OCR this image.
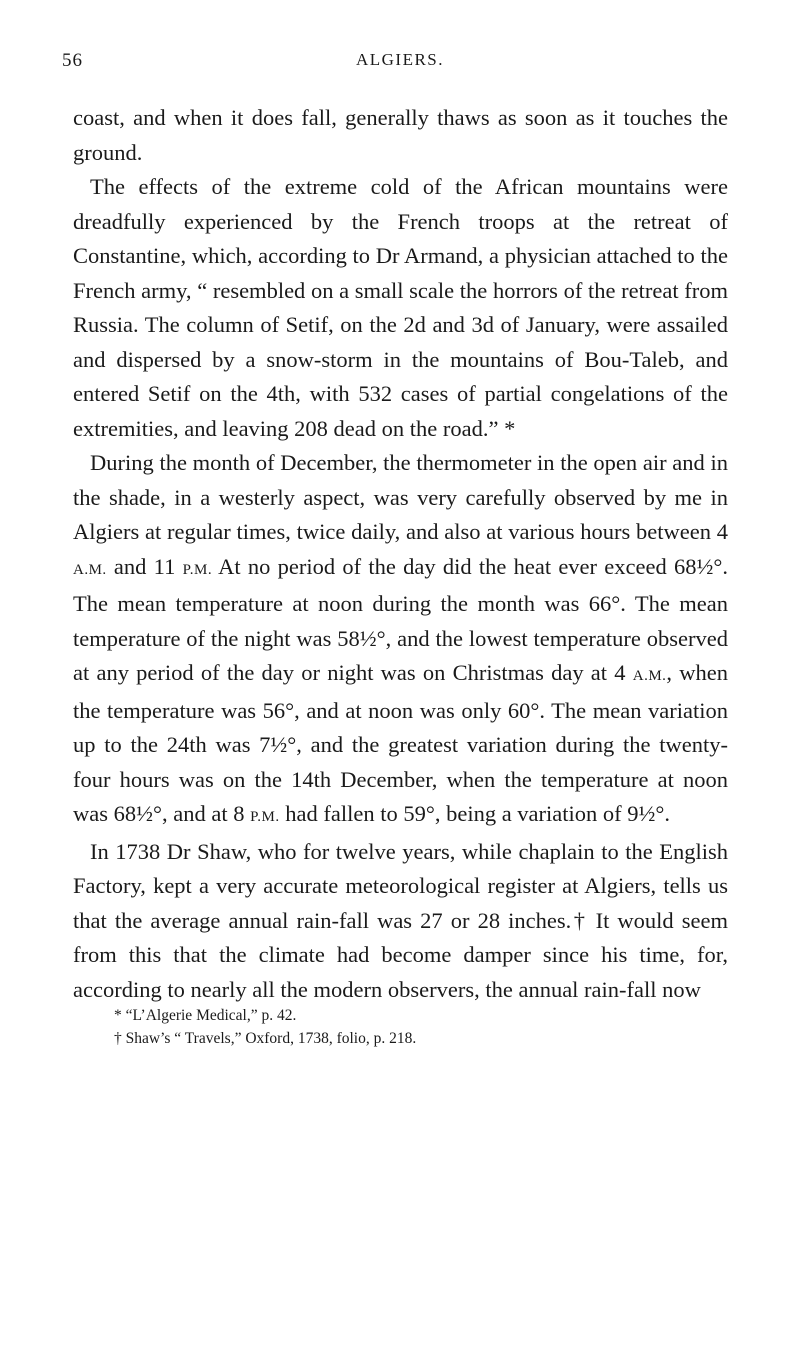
56	ALGIERS.

coast, and when it does fall, generally thaws as soon as it touches the ground.

The effects of the extreme cold of the African mountains were dreadfully experienced by the French troops at the retreat of Constantine, which, according to Dr Armand, a physician attached to the French army, “ resembled on a small scale the horrors of the retreat from Russia. The column of Setif, on the 2d and 3d of January, were assailed and dispersed by a snow-storm in the mountains of Bou-Taleb, and entered Setif on the 4th, with 532 cases of partial congelations of the extremities, and leaving 208 dead on the road.” *

During the month of December, the thermometer in the open air and in the shade, in a westerly aspect, was very carefully observed by me in Algiers at regular times, twice daily, and also at various hours between 4 A.M. and 11 P.M. At no period of the day did the heat ever exceed 68½°. The mean temperature at noon during the month was 66°. The mean temperature of the night was 58½°, and the lowest temperature observed at any period of the day or night was on Christmas day at 4 A.M., when the temperature was 56°, and at noon was only 60°. The mean variation up to the 24th was 7½°, and the greatest variation during the twenty-four hours was on the 14th December, when the temperature at noon was 68½°, and at 8 P.M. had fallen to 59°, being a variation of 9½°.

In 1738 Dr Shaw, who for twelve years, while chaplain to the English Factory, kept a very accurate meteorological register at Algiers, tells us that the average annual rain-fall was 27 or 28 inches.† It would seem from this that the climate had become damper since his time, for, according to nearly all the modern observers, the annual rain-fall now

* “L’Algerie Medical,” p. 42.

† Shaw’s “ Travels,” Oxford, 1738, folio, p. 218.
